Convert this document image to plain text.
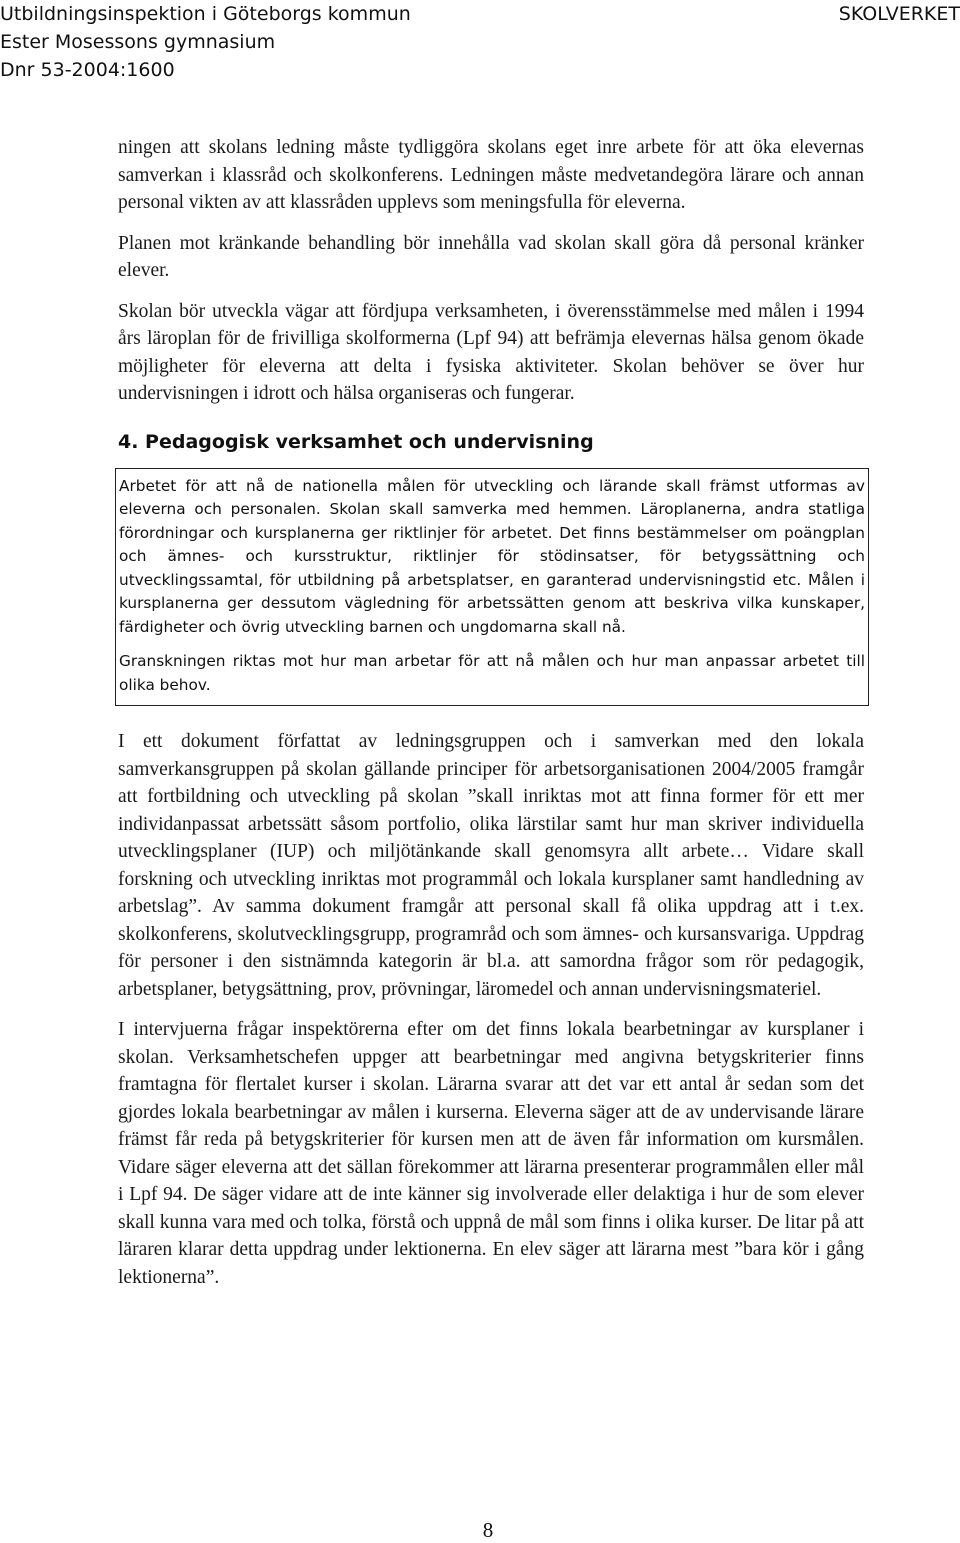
Utbildningsinspektion i Göteborgs kommun
Ester Mosessons gymnasium
Dnr 53-2004:1600
SKOLVERKET

ningen att skolans ledning måste tydliggöra skolans eget inre arbete för att öka elevernas samverkan i klassråd och skolkonferens. Ledningen måste medvetandegöra lärare och annan personal vikten av att klassråden upplevs som meningsfulla för eleverna.

Planen mot kränkande behandling bör innehålla vad skolan skall göra då personal kränker elever.

Skolan bör utveckla vägar att fördjupa verksamheten, i överensstämmelse med målen i 1994 års läroplan för de frivilliga skolformerna (Lpf 94) att befrämja elevernas hälsa genom ökade möjligheter för eleverna att delta i fysiska aktiviteter. Skolan behöver se över hur undervisningen i idrott och hälsa organiseras och fungerar.

4. Pedagogisk verksamhet och undervisning

Arbetet för att nå de nationella målen för utveckling och lärande skall främst utformas av eleverna och personalen. Skolan skall samverka med hemmen. Läroplanerna, andra statliga förordningar och kursplanerna ger riktlinjer för arbetet. Det finns bestämmelser om poängplan och ämnes- och kursstruktur, riktlinjer för stödinsatser, för betygssättning och utvecklingssamtal, för utbildning på arbetsplatser, en garanterad undervisningstid etc. Målen i kursplanerna ger dessutom vägledning för arbetssätten genom att beskriva vilka kunskaper, färdigheter och övrig utveckling barnen och ungdomarna skall nå.

Granskningen riktas mot hur man arbetar för att nå målen och hur man anpassar arbetet till olika behov.

I ett dokument författat av ledningsgruppen och i samverkan med den lokala samverkansgruppen på skolan gällande principer för arbetsorganisationen 2004/2005 framgår att fortbildning och utveckling på skolan ”skall inriktas mot att finna former för ett mer individanpassat arbetssätt såsom portfolio, olika lärstilar samt hur man skriver individuella utvecklingsplaner (IUP) och miljötänkande skall genomsyra allt arbete… Vidare skall forskning och utveckling inriktas mot programmål och lokala kursplaner samt handledning av arbetslag”. Av samma dokument framgår att personal skall få olika uppdrag att i t.ex. skolkonferens, skolutvecklingsgrupp, programråd och som ämnes- och kursansvariga. Uppdrag för personer i den sistnämnda kategorin är bl.a. att samordna frågor som rör pedagogik, arbetsplaner, betygsättning, prov, prövningar, läromedel och annan undervisningsmateriel.

I intervjuerna frågar inspektörerna efter om det finns lokala bearbetningar av kursplaner i skolan. Verksamhetschefen uppger att bearbetningar med angivna betygskriterier finns framtagna för flertalet kurser i skolan. Lärarna svarar att det var ett antal år sedan som det gjordes lokala bearbetningar av målen i kurserna. Eleverna säger att de av undervisande lärare främst får reda på betygskriterier för kursen men att de även får information om kursmålen. Vidare säger eleverna att det sällan förekommer att lärarna presenterar programmålen eller mål i Lpf 94. De säger vidare att de inte känner sig involverade eller delaktiga i hur de som elever skall kunna vara med och tolka, förstå och uppnå de mål som finns i olika kurser. De litar på att läraren klarar detta uppdrag under lektionerna. En elev säger att lärarna mest ”bara kör i gång lektionerna”.

8
